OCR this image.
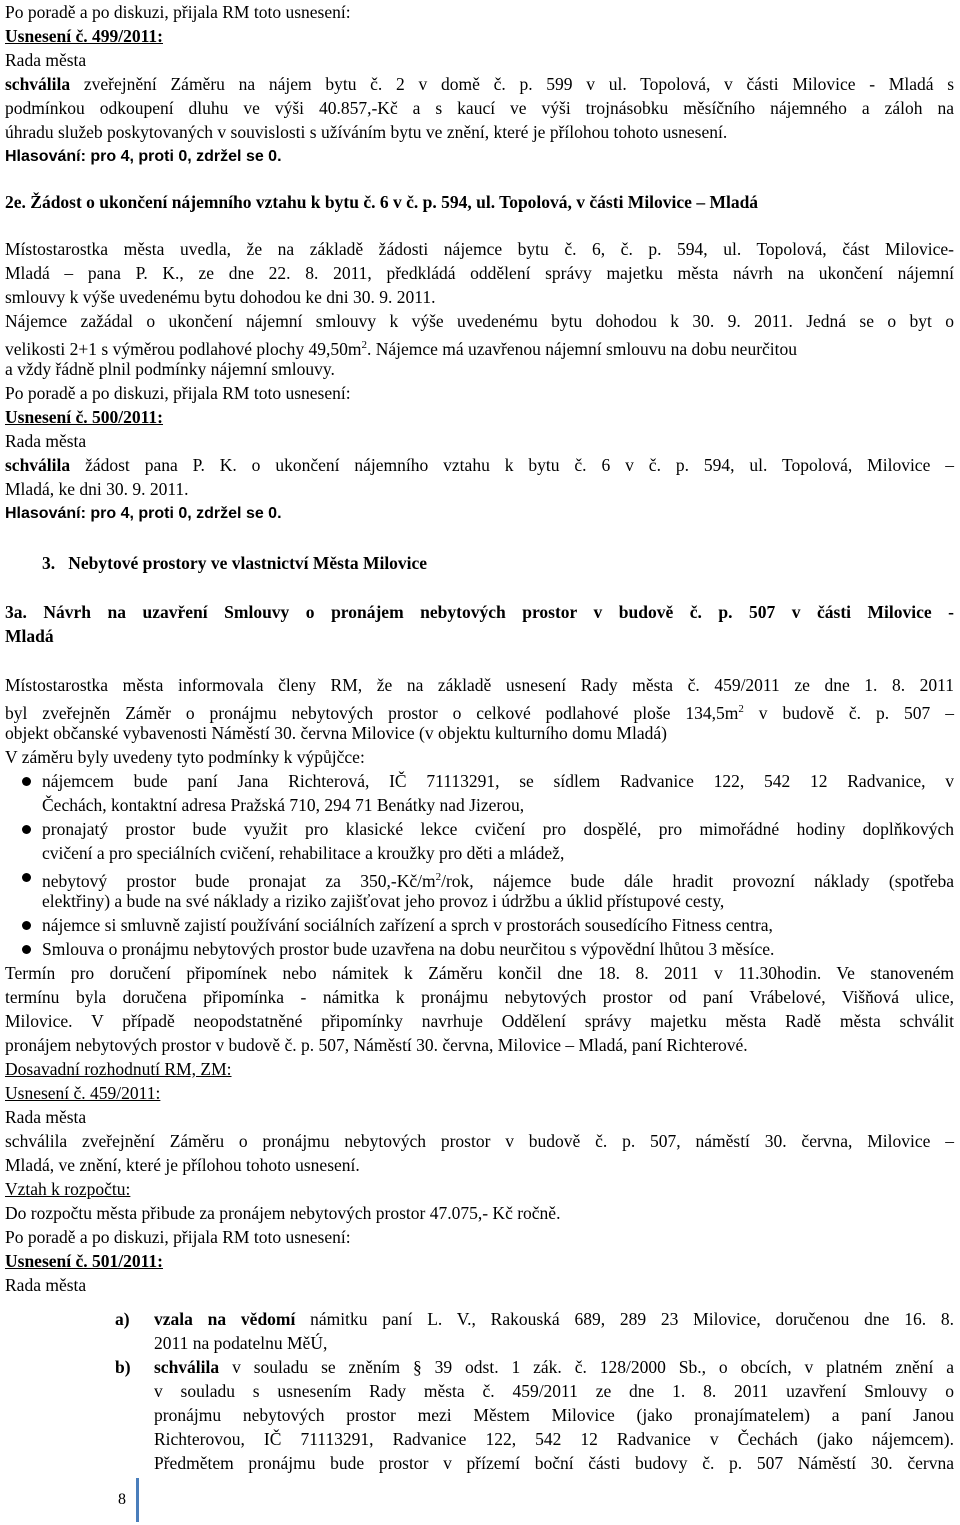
Po poradě a po diskuzi, přijala RM toto usnesení:
Usnesení č. 499/2011:
Rada města
schválila zveřejnění Záměru na nájem bytu č. 2 v domě č. p. 599 v ul. Topolová, v části Milovice - Mladá s
podmínkou odkoupení dluhu ve výši 40.857,-Kč a s kaucí ve výši trojnásobku měsíčního nájemného a záloh na
úhradu služeb poskytovaných v souvislosti s užíváním bytu ve znění, které je přílohou tohoto usnesení.
Hlasování: pro 4, proti 0, zdržel se 0.
2e. Žádost o ukončení nájemního vztahu k bytu č. 6 v č. p. 594, ul. Topolová, v části Milovice – Mladá
Místostarostka města uvedla, že na základě žádosti nájemce bytu č. 6, č. p. 594, ul. Topolová, část Milovice-
Mladá – pana P. K., ze dne 22. 8. 2011, předkládá oddělení správy majetku města návrh na ukončení nájemní
smlouvy k výše uvedenému bytu dohodou ke dni 30. 9. 2011.
Nájemce zažádal o ukončení nájemní smlouvy k výše uvedenému bytu dohodou k 30. 9. 2011. Jedná se o byt o
velikosti 2+1 s výměrou podlahové plochy $49,50m^2$. Nájemce má uzavřenou nájemní smlouvu na dobu neurčitou
a vždy řádně plnil podmínky nájemní smlouvy.
Po poradě a po diskuzi, přijala RM toto usnesení:
Usnesení č. 500/2011:
Rada města
schválila žádost pana P. K. o ukončení nájemního vztahu k bytu č. 6 v č. p. 594, ul. Topolová, Milovice –
Mladá, ke dni 30. 9. 2011.
Hlasování: pro 4, proti 0, zdržel se 0.
3. Nebytové prostory ve vlastnictví Města Milovice
3a. Návrh na uzavření Smlouvy o pronájem nebytových prostor v budově č. p. 507 v části Milovice -
Mladá
Místostarostka města informovala členy RM, že na základě usnesení Rady města č. 459/2011 ze dne 1. 8. 2011
byl zveřejněn Záměr o pronájmu nebytových prostor o celkové podlahové ploše $134,5m^2$ v budově č. p. 507 –
objekt občanské vybavenosti Náměstí 30. června Milovice (v objektu kulturního domu Mladá)
V záměru byly uvedeny tyto podmínky k výpůjčce:
nájemcem bude paní Jana Richterová, IČ 71113291, se sídlem Radvanice 122, 542 12 Radvanice, v
Čechách, kontaktní adresa Pražská 710, 294 71 Benátky nad Jizerou,
pronajatý prostor bude využit pro klasické lekce cvičení pro dospělé, pro mimořádné hodiny doplňkových
cvičení a pro speciálních cvičení, rehabilitace a kroužky pro děti a mládež,
nebytový prostor bude pronajat za $350,-Kč/m^2$/rok, nájemce bude dále hradit provozní náklady (spotřeba
elektřiny) a bude na své náklady a riziko zajišťovat jeho provoz i údržbu a úklid přístupové cesty,
nájemce si smluvně zajistí používání sociálních zařízení a sprch v prostorách sousedícího Fitness centra,
Smlouva o pronájmu nebytových prostor bude uzavřena na dobu neurčitou s výpovědní lhůtou 3 měsíce.
Termín pro doručení připomínek nebo námitek k Záměru končil dne 18. 8. 2011 v 11.30hodin. Ve stanoveném
termínu byla doručena připomínka - námitka k pronájmu nebytových prostor od paní Vrábelové, Višňová ulice,
Milovice. V případě neopodstatněné připomínky navrhuje Oddělení správy majetku města Radě města schválit
pronájem nebytových prostor v budově č. p. 507, Náměstí 30. června, Milovice – Mladá, paní Richterové.
Dosavadní rozhodnutí RM, ZM:
Usnesení č. 459/2011:
Rada města
schválila zveřejnění Záměru o pronájmu nebytových prostor v budově č. p. 507, náměstí 30. června, Milovice –
Mladá, ve znění, které je přílohou tohoto usnesení.
Vztah k rozpočtu:
Do rozpočtu města přibude za pronájem nebytových prostor 47.075,- Kč ročně.
Po poradě a po diskuzi, přijala RM toto usnesení:
Usnesení č. 501/2011:
Rada města
a)	vzala na vědomí námitku paní L. V., Rakouská 689, 289 23 Milovice, doručenou dne 16. 8.
2011 na podatelnu MěÚ,
b)	schválila v souladu se zněním § 39 odst. 1 zák. č. 128/2000 Sb., o obcích, v platném znění a
v souladu s usnesením Rady města č. 459/2011 ze dne 1. 8. 2011 uzavření Smlouvy o
pronájmu nebytových prostor mezi Městem Milovice (jako pronajímatelem) a paní Janou
Richterovou, IČ 71113291, Radvanice 122, 542 12 Radvanice v Čechách (jako nájemcem).
Předmětem pronájmu bude prostor v přízemí boční části budovy č. p. 507 Náměstí 30. června
8
